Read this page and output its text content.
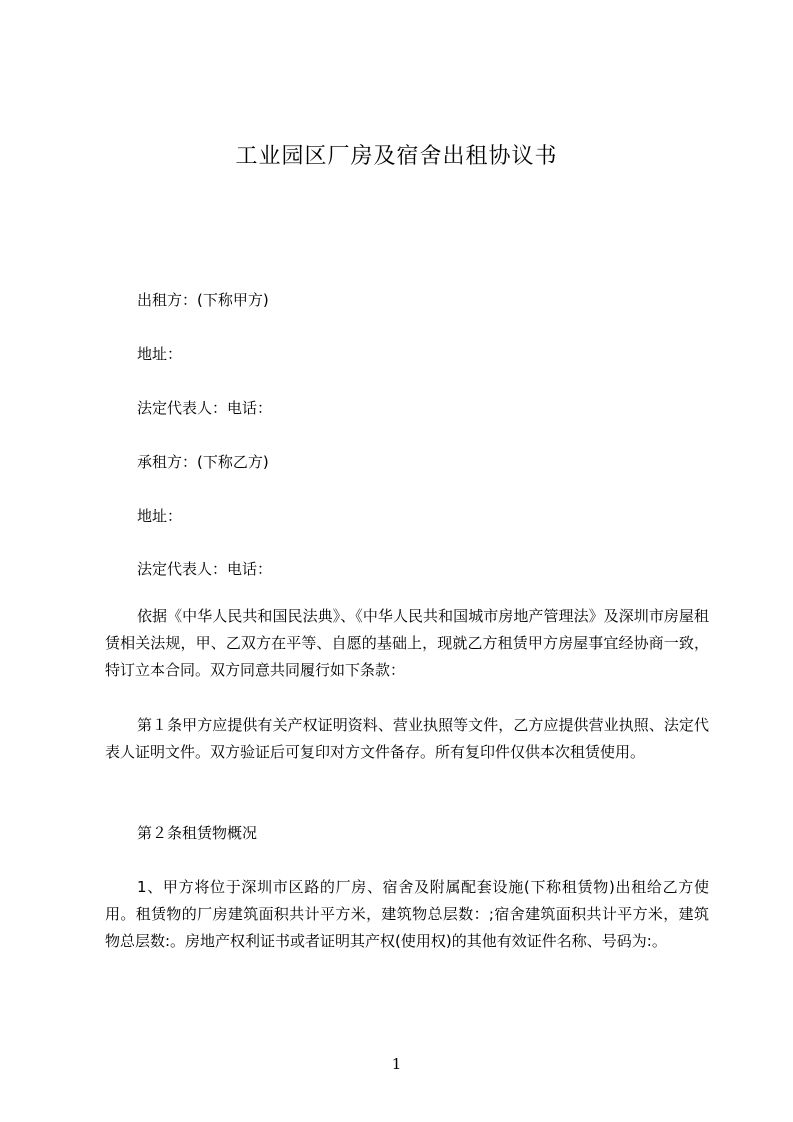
工业园区厂房及宿舍出租协议书

出租方：(下称甲方)

地址：

法定代表人：电话：

承租方：(下称乙方)

地址：

法定代表人：电话：

依据《中华人民共和国民法典》、《中华人民共和国城市房地产管理法》及深圳市房屋租赁相关法规，甲、乙双方在平等、自愿的基础上，现就乙方租赁甲方房屋事宜经协商一致，特订立本合同。双方同意共同履行如下条款：

第１条甲方应提供有关产权证明资料、营业执照等文件，乙方应提供营业执照、法定代表人证明文件。双方验证后可复印对方文件备存。所有复印件仅供本次租赁使用。

第２条租赁物概况

1、甲方将位于深圳市区路的厂房、宿舍及附属配套设施(下称租赁物)出租给乙方使用。租赁物的厂房建筑面积共计平方米，建筑物总层数：;宿舍建筑面积共计平方米，建筑物总层数:。房地产权利证书或者证明其产权(使用权)的其他有效证件名称、号码为:。

1
